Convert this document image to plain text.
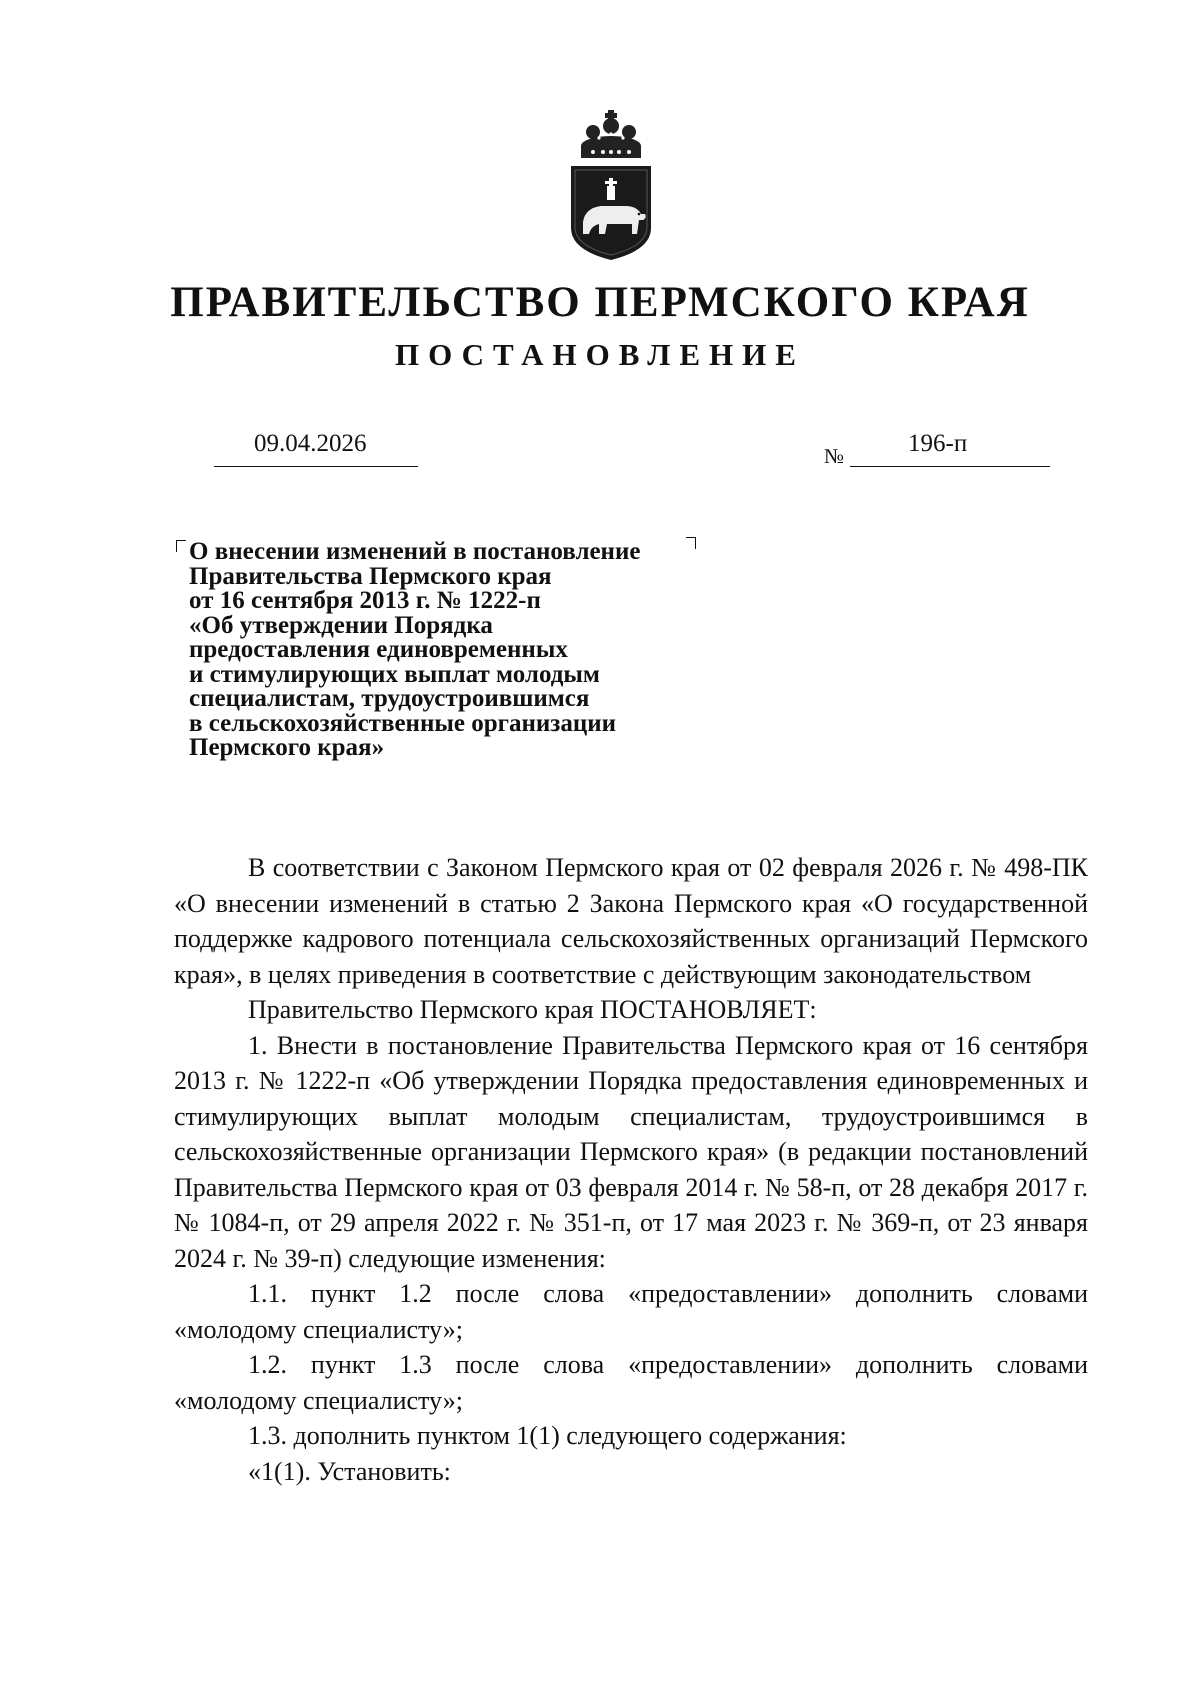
ПРАВИТЕЛЬСТВО ПЕРМСКОГО КРАЯ
ПОСТАНОВЛЕНИЕ
09.04.2026	№	196-п
О внесении изменений в постановление
Правительства Пермского края
от 16 сентября 2013 г. № 1222-п
«Об утверждении Порядка
предоставления единовременных
и стимулирующих выплат молодым
специалистам, трудоустроившимся
в сельскохозяйственные организации
Пермского края»

В соответствии с Законом Пермского края от 02 февраля 2026 г. № 498-ПК «О внесении изменений в статью 2 Закона Пермского края «О государственной поддержке кадрового потенциала сельскохозяйственных организаций Пермского края», в целях приведения в соответствие с действующим законодательством

Правительство Пермского края ПОСТАНОВЛЯЕТ:

1. Внести в постановление Правительства Пермского края от 16 сентября 2013 г. № 1222-п «Об утверждении Порядка предоставления единовременных и стимулирующих выплат молодым специалистам, трудоустроившимся в сельскохозяйственные организации Пермского края» (в редакции постановлений Правительства Пермского края от 03 февраля 2014 г. № 58-п, от 28 декабря 2017 г. № 1084-п, от 29 апреля 2022 г. № 351-п, от 17 мая 2023 г. № 369-п, от 23 января 2024 г. № 39-п) следующие изменения:

1.1. пункт 1.2 после слова «предоставлении» дополнить словами «молодому специалисту»;

1.2. пункт 1.3 после слова «предоставлении» дополнить словами «молодому специалисту»;

1.3. дополнить пунктом 1(1) следующего содержания:

«1(1). Установить:
